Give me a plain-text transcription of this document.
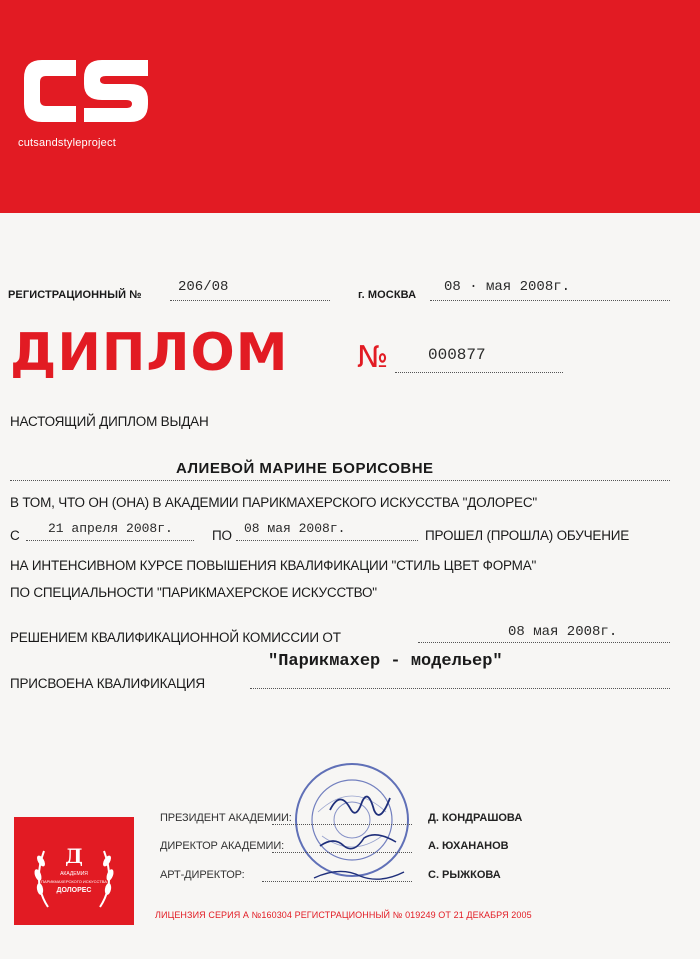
cutsandstyleproject
РЕГИСТРАЦИОННЫЙ №	206/08	г. МОСКВА 08 · мая 2008г.
ДИПЛОМ № 000877
НАСТОЯЩИЙ ДИПЛОМ ВЫДАН
АЛИЕВОЙ МАРИНЕ БОРИСОВНЕ
В ТОМ, ЧТО ОН (ОНА) В АКАДЕМИИ ПАРИКМАХЕРСКОГО ИСКУССТВА "ДОЛОРЕС"
С 21 апреля 2008г.	ПО 08 мая 2008г.	ПРОШЕЛ (ПРОШЛА) ОБУЧЕНИЕ
НА ИНТЕНСИВНОМ КУРСЕ ПОВЫШЕНИЯ КВАЛИФИКАЦИИ "СТИЛЬ ЦВЕТ ФОРМА"
ПО СПЕЦИАЛЬНОСТИ "ПАРИКМАХЕРСКОЕ ИСКУССТВО"
РЕШЕНИЕМ КВАЛИФИКАЦИОННОЙ КОМИССИИ ОТ	08 мая 2008г.
"Парикмахер - модельер"
ПРИСВОЕНА КВАЛИФИКАЦИЯ
ПРЕЗИДЕНТ АКАДЕМИИ:	Д. КОНДРАШОВА
ДИРЕКТОР АКАДЕМИИ:	А. ЮХАНАНОВ
АРТ-ДИРЕКТОР:	С. РЫЖКОВА
Д
АКАДЕМИЯ
ПАРИКМАХЕРСКОГО ИСКУССТВА
ДОЛОРЕС
ЛИЦЕНЗИЯ СЕРИЯ А №160304 РЕГИСТРАЦИОННЫЙ № 019249 ОТ 21 ДЕКАБРЯ 2005
